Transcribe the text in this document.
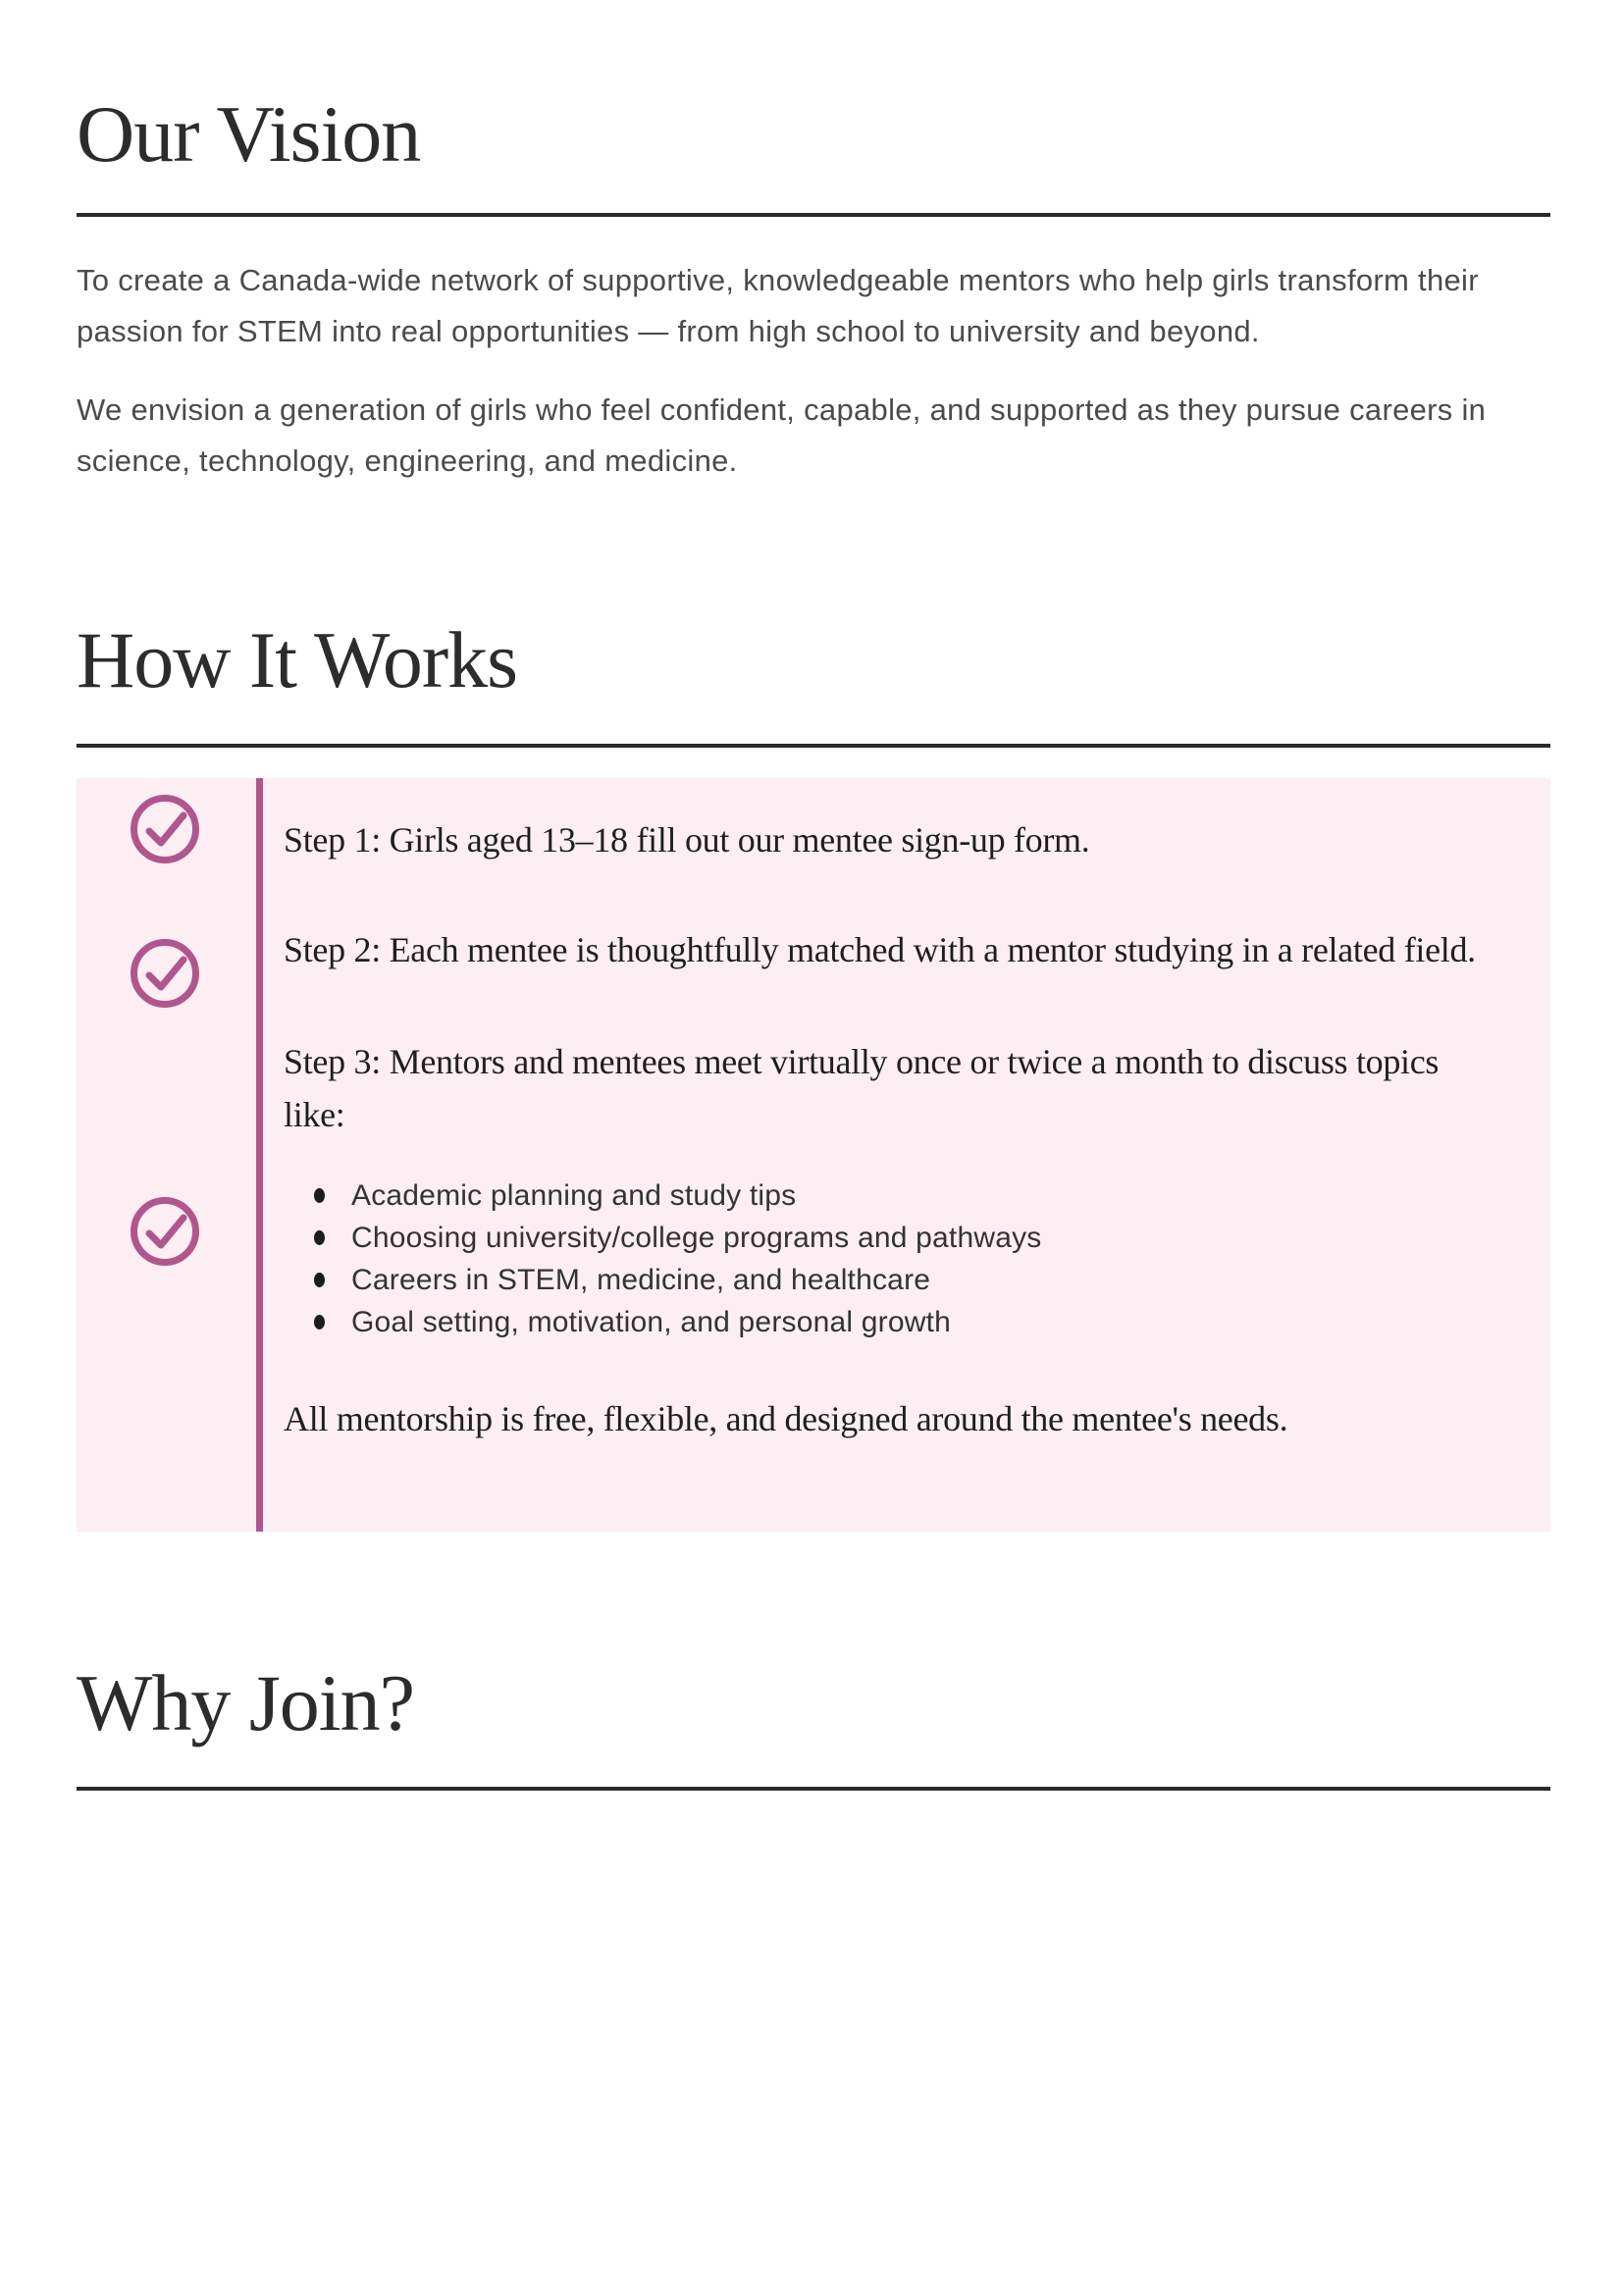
Our Vision

To create a Canada-wide network of supportive, knowledgeable mentors who help girls transform their passion for STEM into real opportunities — from high school to university and beyond.

We envision a generation of girls who feel confident, capable, and supported as they pursue careers in science, technology, engineering, and medicine.

How It Works

Step 1: Girls aged 13–18 fill out our mentee sign-up form.

Step 2: Each mentee is thoughtfully matched with a mentor studying in a related field.

Step 3: Mentors and mentees meet virtually once or twice a month to discuss topics like:

Academic planning and study tips
Choosing university/college programs and pathways
Careers in STEM, medicine, and healthcare
Goal setting, motivation, and personal growth

All mentorship is free, flexible, and designed around the mentee's needs.

Why Join?
